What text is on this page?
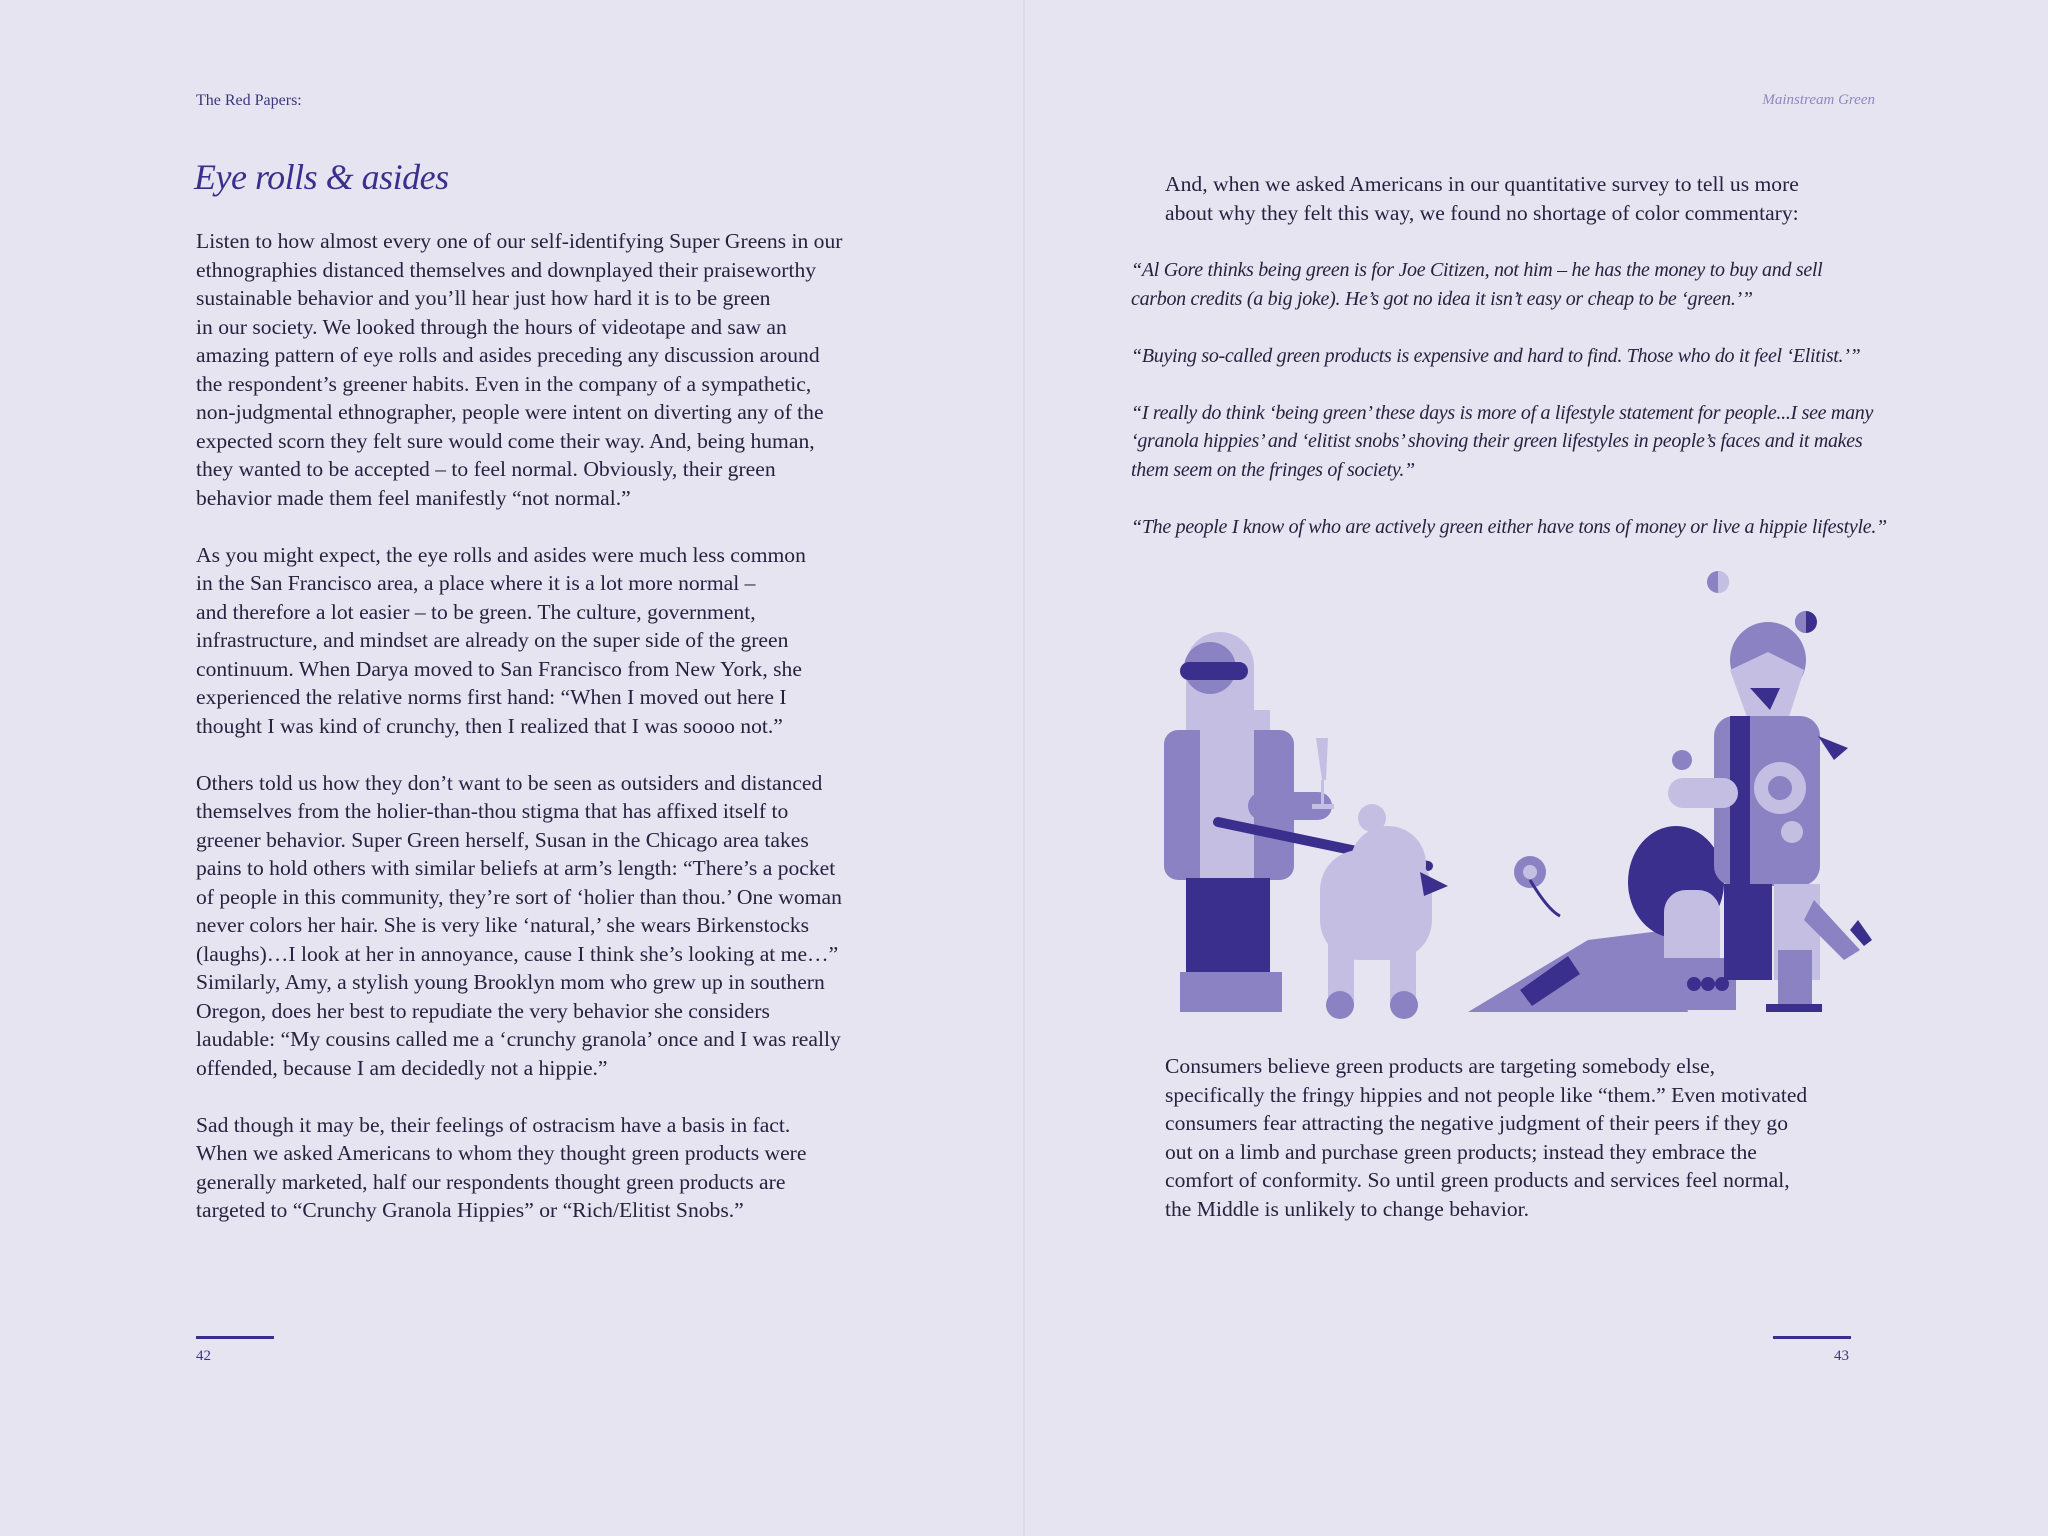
The Red Papers:
Eye rolls & asides

Listen to how almost every one of our self-identifying Super Greens in our
ethnographies distanced themselves and downplayed their praiseworthy
sustainable behavior and you’ll hear just how hard it is to be green
in our society. We looked through the hours of videotape and saw an
amazing pattern of eye rolls and asides preceding any discussion around
the respondent’s greener habits. Even in the company of a sympathetic,
non-judgmental ethnographer, people were intent on diverting any of the
expected scorn they felt sure would come their way. And, being human,
they wanted to be accepted – to feel normal. Obviously, their green
behavior made them feel manifestly “not normal.”

As you might expect, the eye rolls and asides were much less common
in the San Francisco area, a place where it is a lot more normal –
and therefore a lot easier – to be green. The culture, government,
infrastructure, and mindset are already on the super side of the green
continuum. When Darya moved to San Francisco from New York, she
experienced the relative norms first hand: “When I moved out here I
thought I was kind of crunchy, then I realized that I was soooo not.”

Others told us how they don’t want to be seen as outsiders and distanced
themselves from the holier-than-thou stigma that has affixed itself to
greener behavior. Super Green herself, Susan in the Chicago area takes
pains to hold others with similar beliefs at arm’s length: “There’s a pocket
of people in this community, they’re sort of ‘holier than thou.’ One woman
never colors her hair. She is very like ‘natural,’ she wears Birkenstocks
(laughs)…I look at her in annoyance, cause I think she’s looking at me…”
Similarly, Amy, a stylish young Brooklyn mom who grew up in southern
Oregon, does her best to repudiate the very behavior she considers
laudable: “My cousins called me a ‘crunchy granola’ once and I was really
offended, because I am decidedly not a hippie.”

Sad though it may be, their feelings of ostracism have a basis in fact.
When we asked Americans to whom they thought green products were
generally marketed, half our respondents thought green products are
targeted to “Crunchy Granola Hippies” or “Rich/Elitist Snobs.”

42
Mainstream Green

And, when we asked Americans in our quantitative survey to tell us more
about why they felt this way, we found no shortage of color commentary:

“Al Gore thinks being green is for Joe Citizen, not him – he has the money to buy and sell
carbon credits (a big joke). He’s got no idea it isn’t easy or cheap to be ‘green.’”

“Buying so-called green products is expensive and hard to find. Those who do it feel ‘Elitist.’”

“I really do think ‘being green’ these days is more of a lifestyle statement for people...I see many
‘granola hippies’ and ‘elitist snobs’ shoving their green lifestyles in people’s faces and it makes
them seem on the fringes of society.”

“The people I know of who are actively green either have tons of money or live a hippie lifestyle.”

Consumers believe green products are targeting somebody else,
specifically the fringy hippies and not people like “them.” Even motivated
consumers fear attracting the negative judgment of their peers if they go
out on a limb and purchase green products; instead they embrace the
comfort of conformity. So until green products and services feel normal,
the Middle is unlikely to change behavior.

43
